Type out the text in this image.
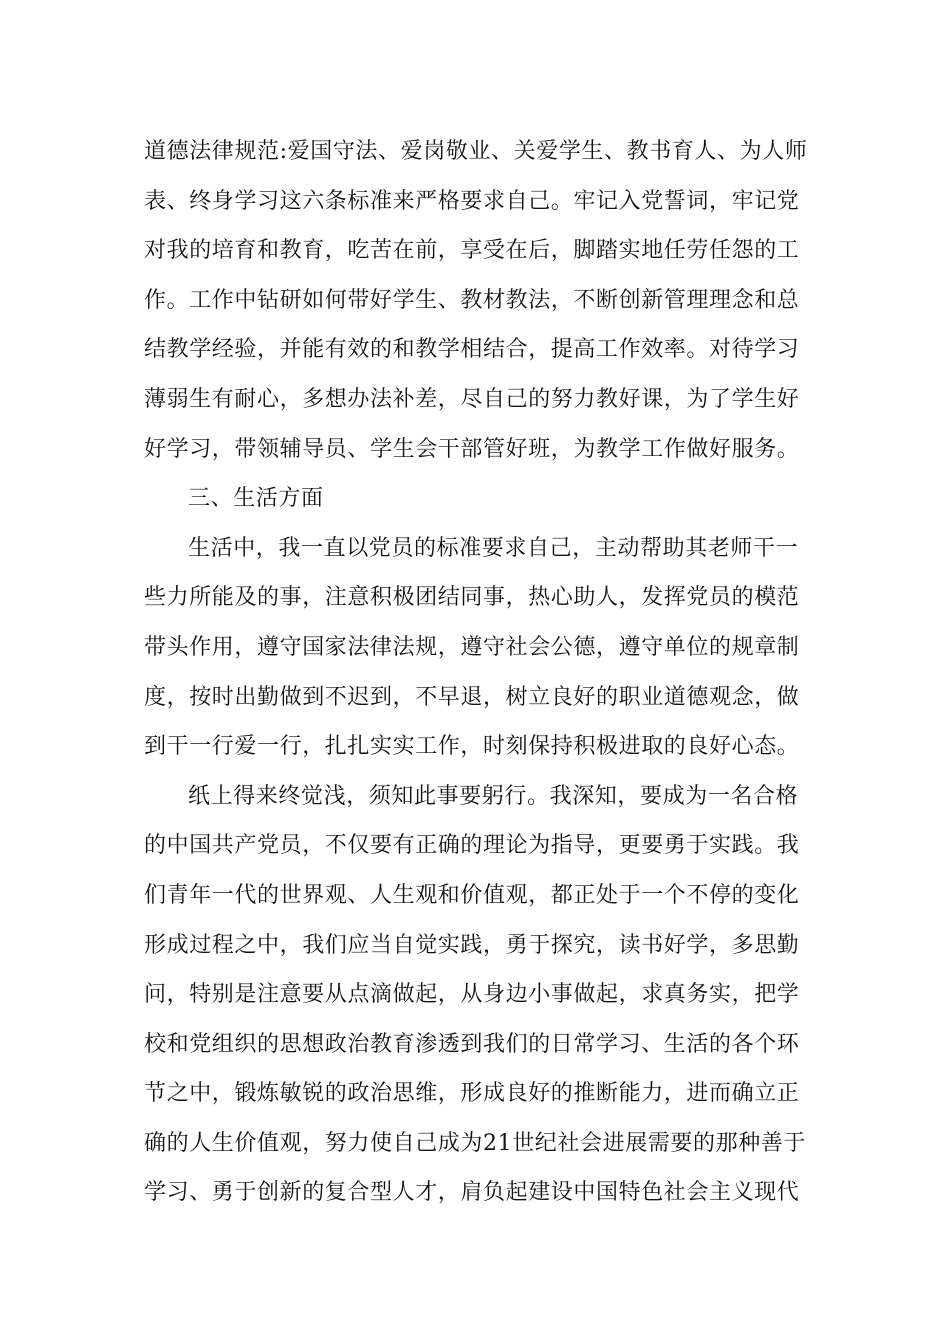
道德法律规范:爱国守法、爱岗敬业、关爱学生、教书育人、为人师
表、终身学习这六条标准来严格要求自己。牢记入党誓词，牢记党
对我的培育和教育，吃苦在前，享受在后，脚踏实地任劳任怨的工
作。工作中钻研如何带好学生、教材教法，不断创新管理理念和总
结教学经验，并能有效的和教学相结合，提高工作效率。对待学习
薄弱生有耐心，多想办法补差，尽自己的努力教好课，为了学生好
好学习，带领辅导员、学生会干部管好班，为教学工作做好服务。
三、生活方面
生活中，我一直以党员的标准要求自己，主动帮助其老师干一
些力所能及的事，注意积极团结同事，热心助人，发挥党员的模范
带头作用，遵守国家法律法规，遵守社会公德，遵守单位的规章制
度，按时出勤做到不迟到，不早退，树立良好的职业道德观念，做
到干一行爱一行，扎扎实实工作，时刻保持积极进取的良好心态。
纸上得来终觉浅，须知此事要躬行。我深知，要成为一名合格
的中国共产党员，不仅要有正确的理论为指导，更要勇于实践。我
们青年一代的世界观、人生观和价值观，都正处于一个不停的变化
形成过程之中，我们应当自觉实践，勇于探究，读书好学，多思勤
问，特别是注意要从点滴做起，从身边小事做起，求真务实，把学
校和党组织的思想政治教育渗透到我们的日常学习、生活的各个环
节之中，锻炼敏锐的政治思维，形成良好的推断能力，进而确立正
确的人生价值观，努力使自己成为21世纪社会进展需要的那种善于
学习、勇于创新的复合型人才，肩负起建设中国特色社会主义现代
